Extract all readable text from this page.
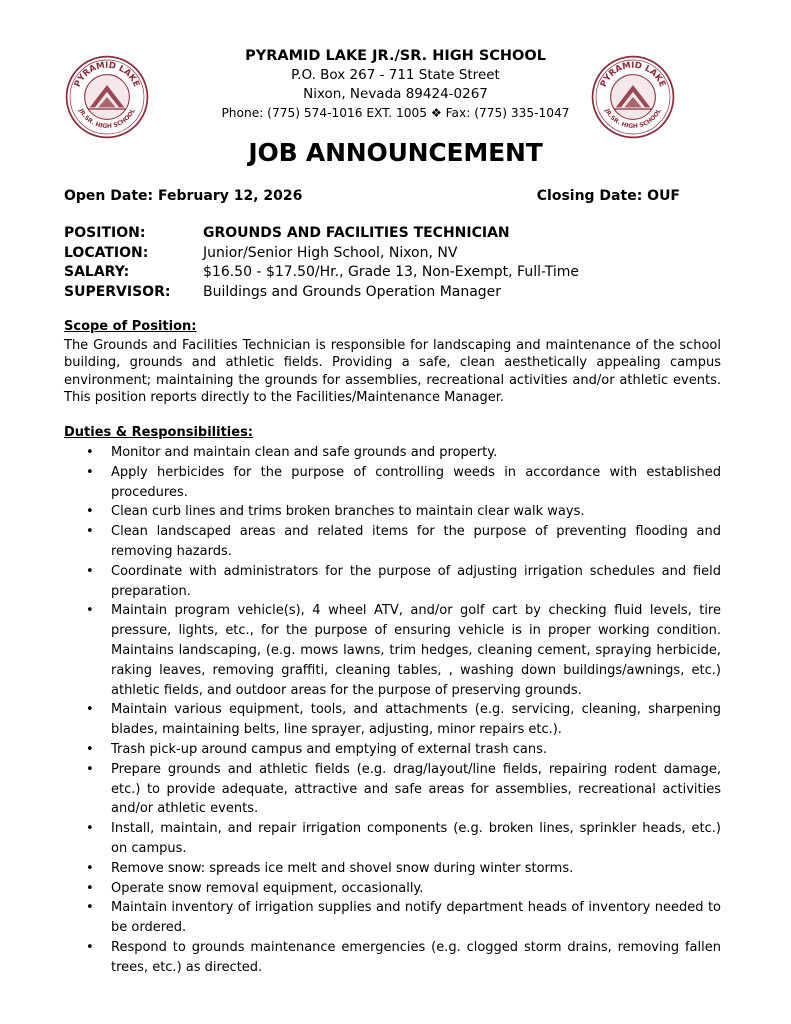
PYRAMID LAKE
JR.SR. HIGH SCHOOL
PYRAMID LAKE
JR.SR. HIGH SCHOOL
PYRAMID LAKE JR./SR. HIGH SCHOOL
P.O. Box 267 - 711 State Street
Nixon, Nevada 89424-0267
Phone: (775) 574-1016 EXT. 1005 ❖ Fax: (775) 335-1047
JOB ANNOUNCEMENT
Open Date: February 12, 2026	Closing Date: OUF
POSITION:	GROUNDS AND FACILITIES TECHNICIAN
LOCATION:	Junior/Senior High School, Nixon, NV
SALARY:	$16.50 - $17.50/Hr., Grade 13, Non-Exempt, Full-Time
SUPERVISOR: Buildings and Grounds Operation Manager
Scope of Position:
The Grounds and Facilities Technician is responsible for landscaping and maintenance of the school building, grounds and athletic fields. Providing a safe, clean aesthetically appealing campus environment; maintaining the grounds for assemblies, recreational activities and/or athletic events. This position reports directly to the Facilities/Maintenance Manager.
Duties & Responsibilities:
• Monitor and maintain clean and safe grounds and property.
• Apply herbicides for the purpose of controlling weeds in accordance with established procedures.
• Clean curb lines and trims broken branches to maintain clear walk ways.
• Clean landscaped areas and related items for the purpose of preventing flooding and removing hazards.
• Coordinate with administrators for the purpose of adjusting irrigation schedules and field preparation.
• Maintain program vehicle(s), 4 wheel ATV, and/or golf cart by checking fluid levels, tire pressure, lights, etc., for the purpose of ensuring vehicle is in proper working condition. Maintains landscaping, (e.g. mows lawns, trim hedges, cleaning cement, spraying herbicide, raking leaves, removing graffiti, cleaning tables, , washing down buildings/awnings, etc.) athletic fields, and outdoor areas for the purpose of preserving grounds.
• Maintain various equipment, tools, and attachments (e.g. servicing, cleaning, sharpening blades, maintaining belts, line sprayer, adjusting, minor repairs etc.).
• Trash pick-up around campus and emptying of external trash cans.
• Prepare grounds and athletic fields (e.g. drag/layout/line fields, repairing rodent damage, etc.) to provide adequate, attractive and safe areas for assemblies, recreational activities and/or athletic events.
• Install, maintain, and repair irrigation components (e.g. broken lines, sprinkler heads, etc.) on campus.
• Remove snow: spreads ice melt and shovel snow during winter storms.
• Operate snow removal equipment, occasionally.
• Maintain inventory of irrigation supplies and notify department heads of inventory needed to be ordered.
• Respond to grounds maintenance emergencies (e.g. clogged storm drains, removing fallen trees, etc.) as directed.
